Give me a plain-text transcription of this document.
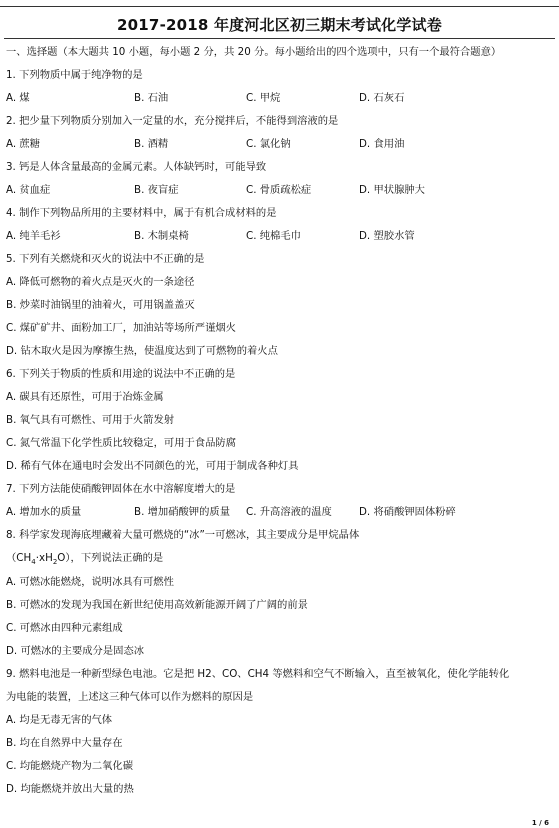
2017-2018 年度河北区初三期末考试化学试卷
一、选择题（本大题共 10 小题，每小题 2 分，共 20 分。每小题给出的四个选项中，只有一个最符合题意）
1. 下列物质中属于纯净物的是
A. 煤	B. 石油	C. 甲烷	D. 石灰石
2. 把少量下列物质分别加入一定量的水，充分搅拌后，不能得到溶液的是
A. 蔗糖	B. 酒精	C. 氯化钠	D. 食用油
3. 钙是人体含量最高的金属元素。人体缺钙时，可能导致
A. 贫血症	B. 夜盲症	C. 骨质疏松症	D. 甲状腺肿大
4. 制作下列物品所用的主要材料中，属于有机合成材料的是
A. 纯羊毛衫	B. 木制桌椅	C. 纯棉毛巾	D. 塑胶水管
5. 下列有关燃烧和灭火的说法中不正确的是
A. 降低可燃物的着火点是灭火的一条途径
B. 炒菜时油锅里的油着火，可用锅盖盖灭
C. 煤矿矿井、面粉加工厂，加油站等场所严谨烟火
D. 钻木取火是因为摩擦生热，使温度达到了可燃物的着火点
6. 下列关于物质的性质和用途的说法中不正确的是
A. 碳具有还原性，可用于冶炼金属
B. 氧气具有可燃性、可用于火箭发射
C. 氮气常温下化学性质比较稳定，可用于食品防腐
D. 稀有气体在通电时会发出不同颜色的光，可用于制成各种灯具
7. 下列方法能使硝酸钾固体在水中溶解度增大的是
A. 增加水的质量	B. 增加硝酸钾的质量 C. 升高溶液的温度	D. 将硝酸钾固体粉碎
8. 科学家发现海底埋藏着大量可燃烧的“冰”一可燃冰，其主要成分是甲烷晶体
$(CH_4\cdot xH_2O)$，下列说法正确的是
A. 可燃冰能燃烧，说明冰具有可燃性
B. 可燃冰的发现为我国在新世纪使用高效新能源开阔了广阔的前景
C. 可燃冰由四种元素组成
D. 可燃冰的主要成分是固态冰
9. 燃料电池是一种新型绿色电池。它是把 H2、CO、CH4 等燃料和空气不断输入，直至被氧化，使化学能转化
为电能的装置，上述这三种气体可以作为燃料的原因是
A. 均是无毒无害的气体
B. 均在自然界中大量存在
C. 均能燃烧产物为二氧化碳
D. 均能燃烧并放出大量的热
1 / 6
